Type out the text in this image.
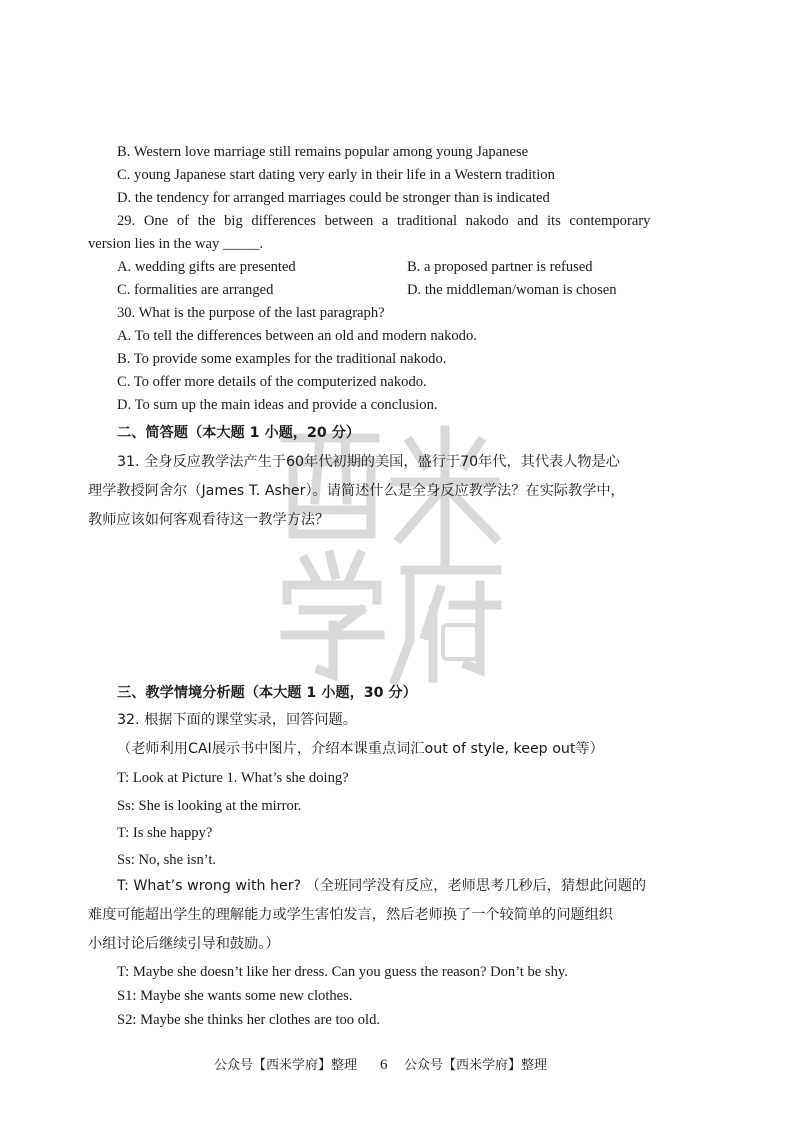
B. Western love marriage still remains popular among young Japanese
C. young Japanese start dating very early in their life in a Western tradition
D. the tendency for arranged marriages could be stronger than is indicated
29. One of the big differences between a traditional nakodo and its contemporary
version lies in the way _____.
A. wedding gifts are presented	B. a proposed partner is refused
C. formalities are arranged	D. the middleman/woman is chosen
30. What is the purpose of the last paragraph?
A. To tell the differences between an old and modern nakodo.
B. To provide some examples for the traditional nakodo.
C. To offer more details of the computerized nakodo.
D. To sum up the main ideas and provide a conclusion.
二、简答题（本大题 1 小题，20 分）
31. 全身反应教学法产生于60年代初期的美国，盛行于70年代，其代表人物是心
理学教授阿舍尔（James T. Asher）。请简述什么是全身反应教学法？在实际教学中，
教师应该如何客观看待这一教学方法？
三、教学情境分析题（本大题 1 小题，30 分）
32. 根据下面的课堂实录，回答问题。
（老师利用CAI展示书中图片，介绍本课重点词汇out of style, keep out等）
T: Look at Picture 1. What’s she doing?
Ss: She is looking at the mirror.
T: Is she happy?
Ss: No, she isn’t.
T: What’s wrong with her? （全班同学没有反应，老师思考几秒后，猜想此问题的
难度可能超出学生的理解能力或学生害怕发言，然后老师换了一个较简单的问题组织
小组讨论后继续引导和鼓励。）
T: Maybe she doesn’t like her dress. Can you guess the reason? Don’t be shy.
S1: Maybe she wants some new clothes.
S2: Maybe she thinks her clothes are too old.
公众号【西米学府】整理 6 公众号【西米学府】整理
